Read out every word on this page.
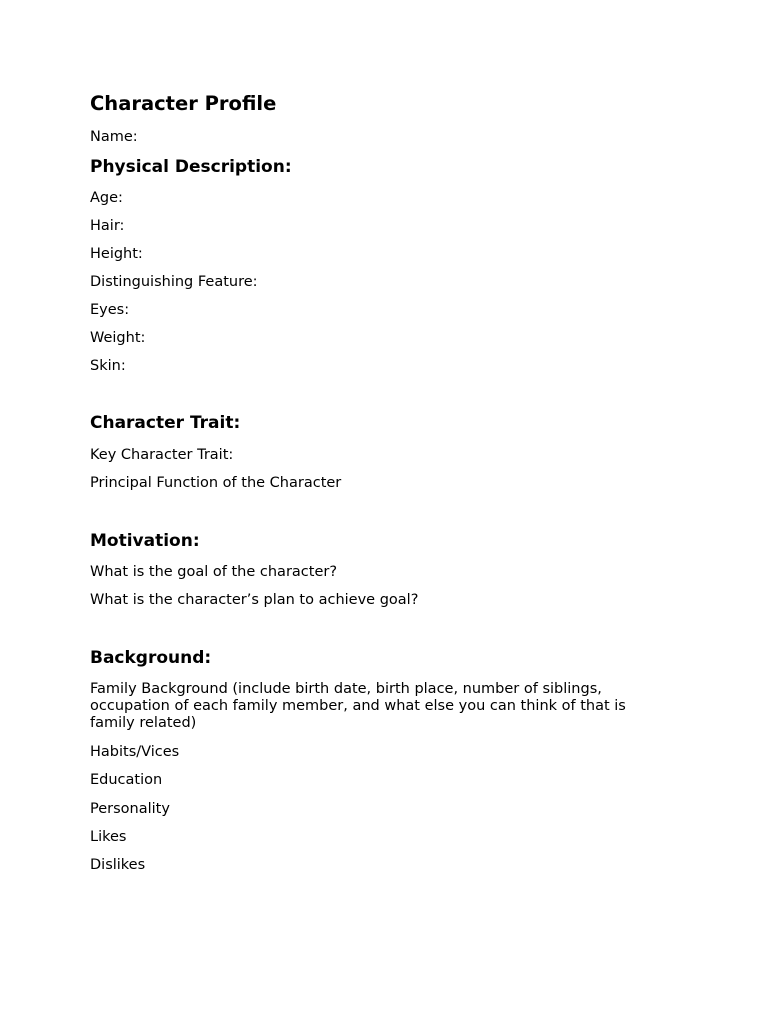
Character Profile
Name:
Physical Description:
Age:
Hair:
Height:
Distinguishing Feature:
Eyes:
Weight:
Skin:
Character Trait:
Key Character Trait:
Principal Function of the Character
Motivation:
What is the goal of the character?
What is the character’s plan to achieve goal?
Background:
Family Background (include birth date, birth place, number of siblings,
occupation of each family member, and what else you can think of that is
family related)
Habits/Vices
Education
Personality
Likes
Dislikes
